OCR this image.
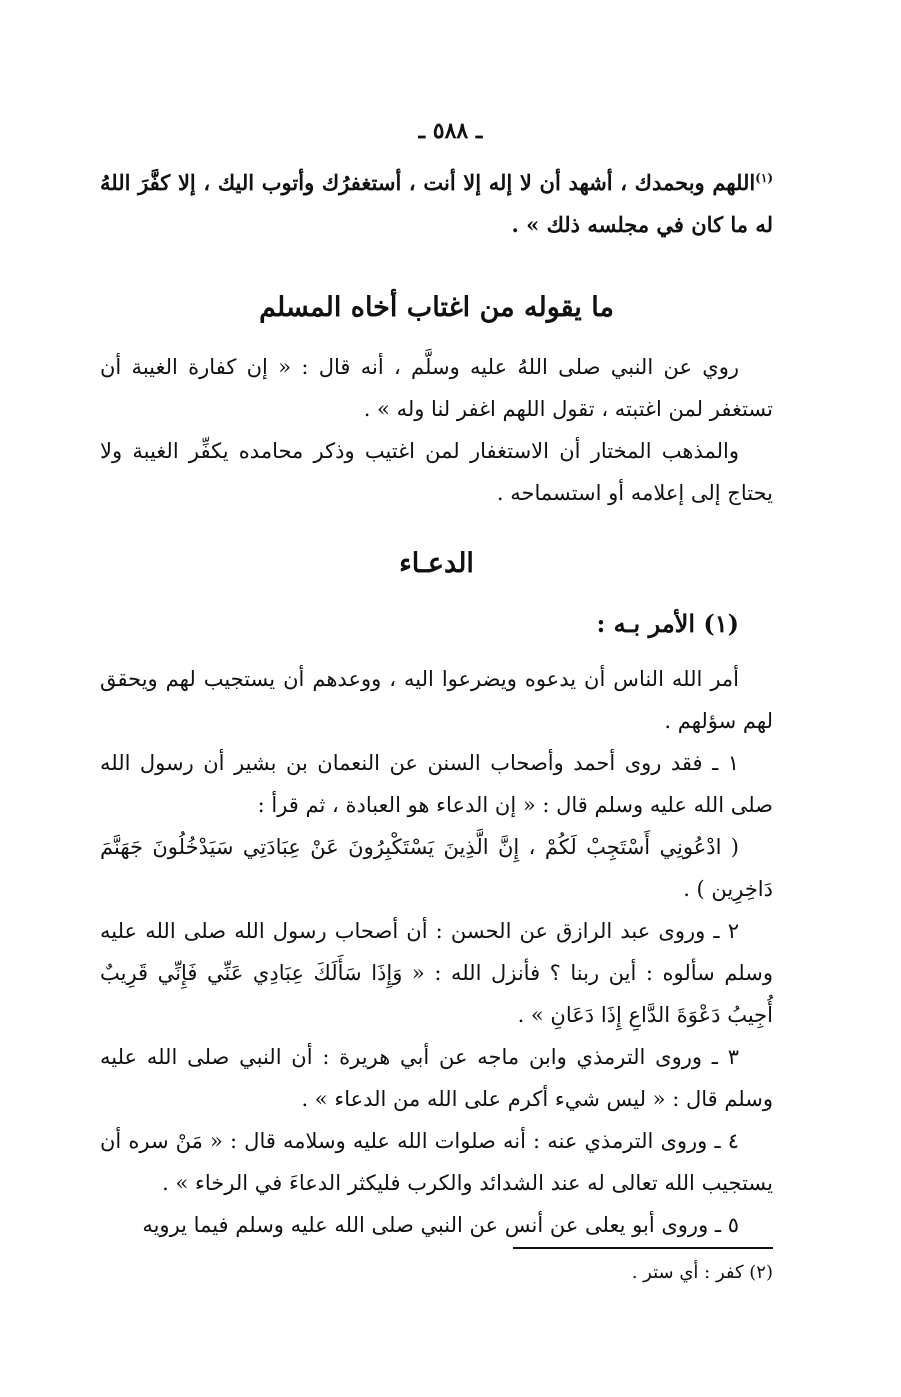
ـ ٥٨٨ ـ

$^{(١)}$اللهم وبحمدك ، أشهد أن لا إله إلا أنت ، أستغفرُك وأتوب اليك ، إلا كفَّرَ اللهُ له ما كان في مجلسه ذلك » .

ما يقوله من اغتاب أخاه المسلم

روي عن النبي صلى اللهُ عليه وسلَّم ، أنه قال : « إن كفارة الغيبة أن تستغفر لمن اغتبته ، تقول اللهم اغفر لنا وله » .

والمذهب المختار أن الاستغفار لمن اغتيب وذكر محامده يكفِّر الغيبة ولا يحتاج إلى إعلامه أو استسماحه .

الدعـاء

(١) الأمر بـه :

أمر الله الناس أن يدعوه ويضرعوا اليه ، ووعدهم أن يستجيب لهم ويحقق لهم سؤلهم .

١ ـ فقد روى أحمد وأصحاب السنن عن النعمان بن بشير أن رسول الله صلى الله عليه وسلم قال : « إن الدعاء هو العبادة ، ثم قرأ :

( ادْعُونِي أَسْتَجِبْ لَكُمْ ، إِنَّ الَّذِينَ يَسْتَكْبِرُونَ عَنْ عِبَادَتِي سَيَدْخُلُونَ جَهَنَّمَ دَاخِرِين ) .

٢ ـ وروى عبد الرازق عن الحسن : أن أصحاب رسول الله صلى الله عليه وسلم سألوه : أين ربنا ؟ فأنزل الله : « وَإِذَا سَأَلَكَ عِبَادِي عَنِّي فَإِنِّي قَرِيبٌ أُجِيبُ دَعْوَةَ الدَّاعِ إِذَا دَعَانِ » .

٣ ـ وروى الترمذي وابن ماجه عن أبي هريرة : أن النبي صلى الله عليه وسلم قال : « ليس شيء أكرم على الله من الدعاء » .

٤ ـ وروى الترمذي عنه : أنه صلوات الله عليه وسلامه قال : « مَنْ سره أن يستجيب الله تعالى له عند الشدائد والكرب فليكثر الدعاءَ في الرخاء » .

٥ ـ وروى أبو يعلى عن أنس عن النبي صلى الله عليه وسلم فيما يرويه

(٢) كفر : أي ستر .
